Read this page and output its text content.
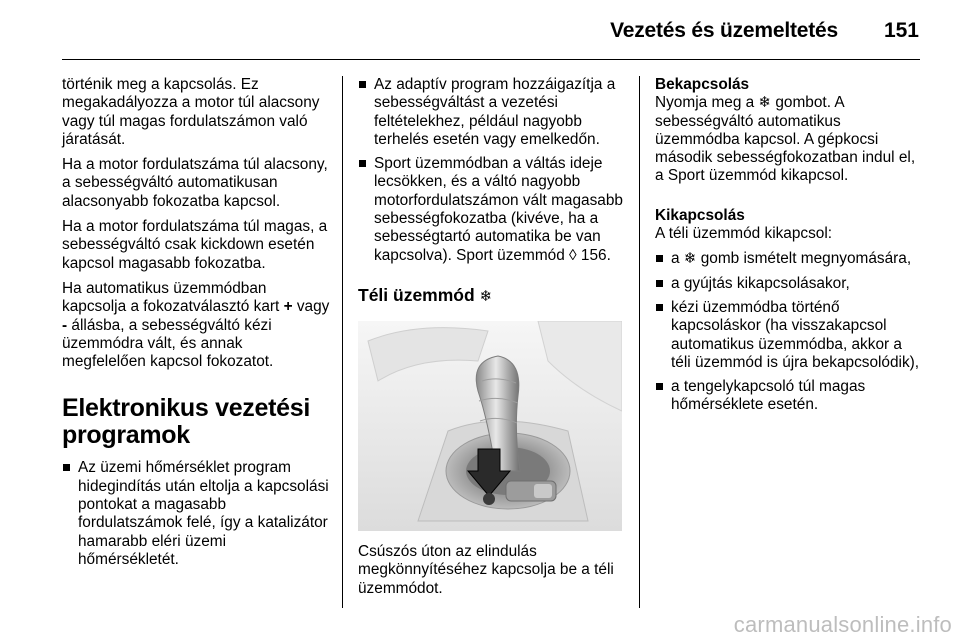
Vezetés és üzemeltetés 151

történik meg a kapcsolás. Ez megakadályozza a motor túl alacsony vagy túl magas fordulatszámon való járatását.

Ha a motor fordulatszáma túl alacsony, a sebességváltó automatikusan alacsonyabb fokozatba kapcsol.

Ha a motor fordulatszáma túl magas, a sebességváltó csak kickdown esetén kapcsol magasabb fokozatba.

Ha automatikus üzemmódban kapcsolja a fokozatválasztó kart + vagy - állásba, a sebességváltó kézi üzemmódra vált, és annak megfelelően kapcsol fokozatot.

Elektronikus vezetési programok
Az üzemi hőmérséklet program hidegindítás után eltolja a kapcsolási pontokat a magasabb fordulatszámok felé, így a katalizátor hamarabb eléri üzemi hőmérsékletét.
Az adaptív program hozzáigazítja a sebességváltást a vezetési feltételekhez, például nagyobb terhelés esetén vagy emelkedőn.
Sport üzemmódban a váltás ideje lecsökken, és a váltó nagyobb motorfordulatszámon vált magasabb sebességfokozatba (kivéve, ha a sebességtartó automatika be van kapcsolva). Sport üzemmód ◊ 156.
Téli üzemmód ❄

Csúszós úton az elindulás megkönnyítéséhez kapcsolja be a téli üzemmódot.

Bekapcsolás

Nyomja meg a ❄ gombot. A sebességváltó automatikus üzemmódba kapcsol. A gépkocsi második sebességfokozatban indul el, a Sport üzemmód kikapcsol.

Kikapcsolás

A téli üzemmód kikapcsol:

a ❄ gomb ismételt megnyomására,
a gyújtás kikapcsolásakor,
kézi üzemmódba történő kapcsoláskor (ha visszakapcsol automatikus üzemmódba, akkor a téli üzemmód is újra bekapcsolódik),
a tengelykapcsoló túl magas hőmérséklete esetén.
carmanualsonline.info
